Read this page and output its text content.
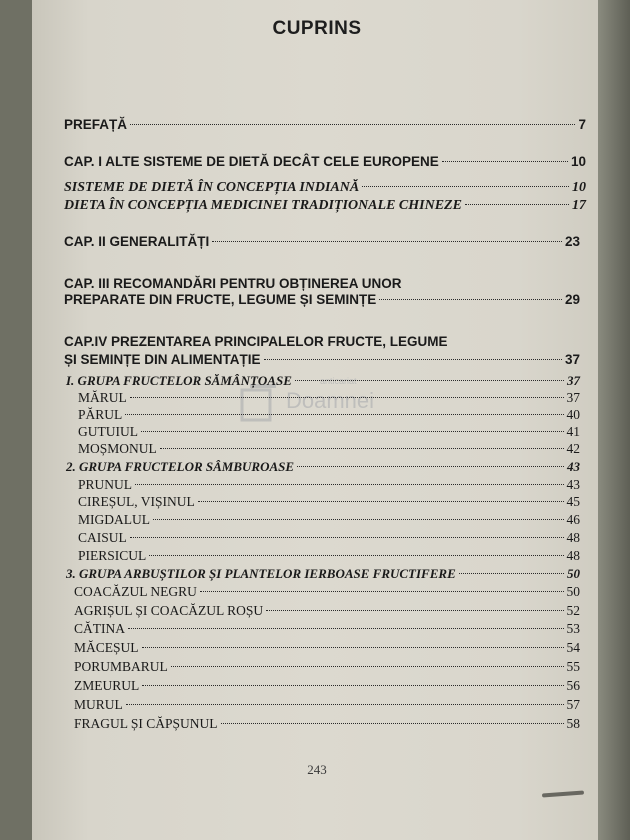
CUPRINS
anticariat
Doamnei
PREFAȚĂ	7
CAP. I ALTE SISTEME DE DIETĂ DECÂT CELE EUROPENE	10
SISTEME DE DIETĂ ÎN CONCEPȚIA INDIANĂ	10
DIETA ÎN CONCEPȚIA MEDICINEI TRADIȚIONALE CHINEZE	17
CAP. II GENERALITĂȚI	23
CAP. III RECOMANDĂRI PENTRU OBȚINEREA UNOR
PREPARATE DIN FRUCTE, LEGUME ȘI SEMINȚE	29
CAP.IV PREZENTAREA PRINCIPALELOR FRUCTE, LEGUME
ȘI SEMINȚE DIN ALIMENTAȚIE	37
I. GRUPA FRUCTELOR SĂMÂNȚOASE	37
MĂRUL	37
PĂRUL	40
GUTUIUL	41
MOȘMONUL	42
2. GRUPA FRUCTELOR SÂMBUROASE	43
PRUNUL	43
CIREȘUL, VIȘINUL	45
MIGDALUL	46
CAISUL	48
PIERSICUL	48
3. GRUPA ARBUȘTILOR ȘI PLANTELOR IERBOASE FRUCTIFERE	50
COACĂZUL NEGRU	50
AGRIȘUL ȘI COACĂZUL ROȘU	52
CĂTINA	53
MĂCEȘUL	54
PORUMBARUL	55
ZMEURUL	56
MURUL	57
FRAGUL ȘI CĂPȘUNUL	58
243
